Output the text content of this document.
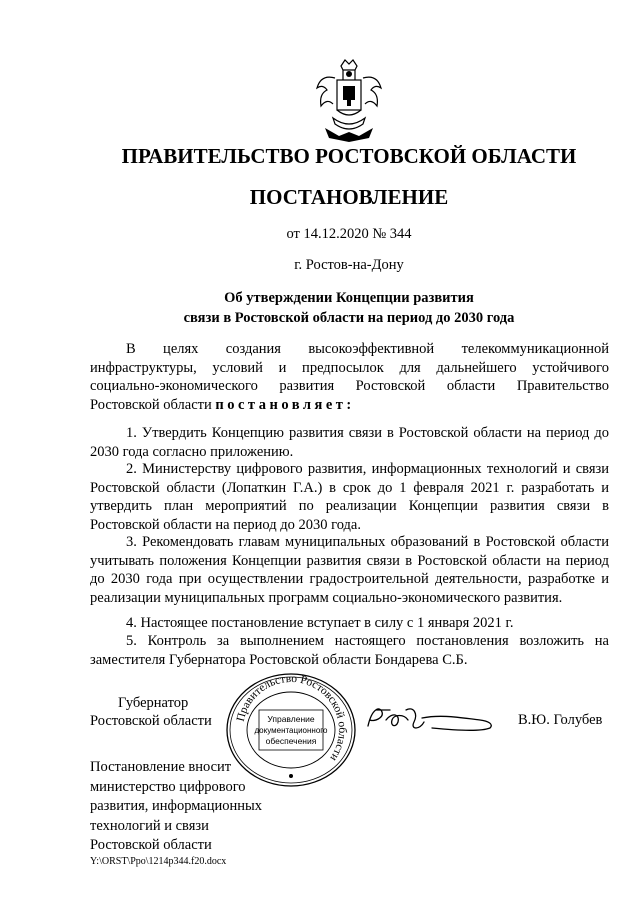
ПРАВИТЕЛЬСТВО РОСТОВСКОЙ ОБЛАСТИ
ПОСТАНОВЛЕНИЕ
от 14.12.2020 № 344
г. Ростов-на-Дону
Об утверждении Концепции развития
связи в Ростовской области на период до 2030 года

В целях создания высокоэффективной телекоммуникационной инфраструктуры, условий и предпосылок для дальнейшего устойчивого социально-экономического развития Ростовской области Правительство Ростовской области постановляет:

1. Утвердить Концепцию развития связи в Ростовской области на период до 2030 года согласно приложению.

2. Министерству цифрового развития, информационных технологий и связи Ростовской области (Лопаткин Г.А.) в срок до 1 февраля 2021 г. разработать и утвердить план мероприятий по реализации Концепции развития связи в Ростовской области на период до 2030 года.

3. Рекомендовать главам муниципальных образований в Ростовской области учитывать положения Концепции развития связи в Ростовской области на период до 2030 года при осуществлении градостроительной деятельности, разработке и реализации муниципальных программ социально-экономического развития.

4. Настоящее постановление вступает в силу с 1 января 2021 г.

5. Контроль за выполнением настоящего постановления возложить на заместителя Губернатора Ростовской области Бондарева С.Б.

Губернатор
Ростовской области Правительство Ростовской области
Управление
документационного
обеспечения
В.Ю. Голубев
Постановление вносит
министерство цифрового
развития, информационных
технологий и связи
Ростовской области
Y:\ORST\Ppo\1214p344.f20.docx
